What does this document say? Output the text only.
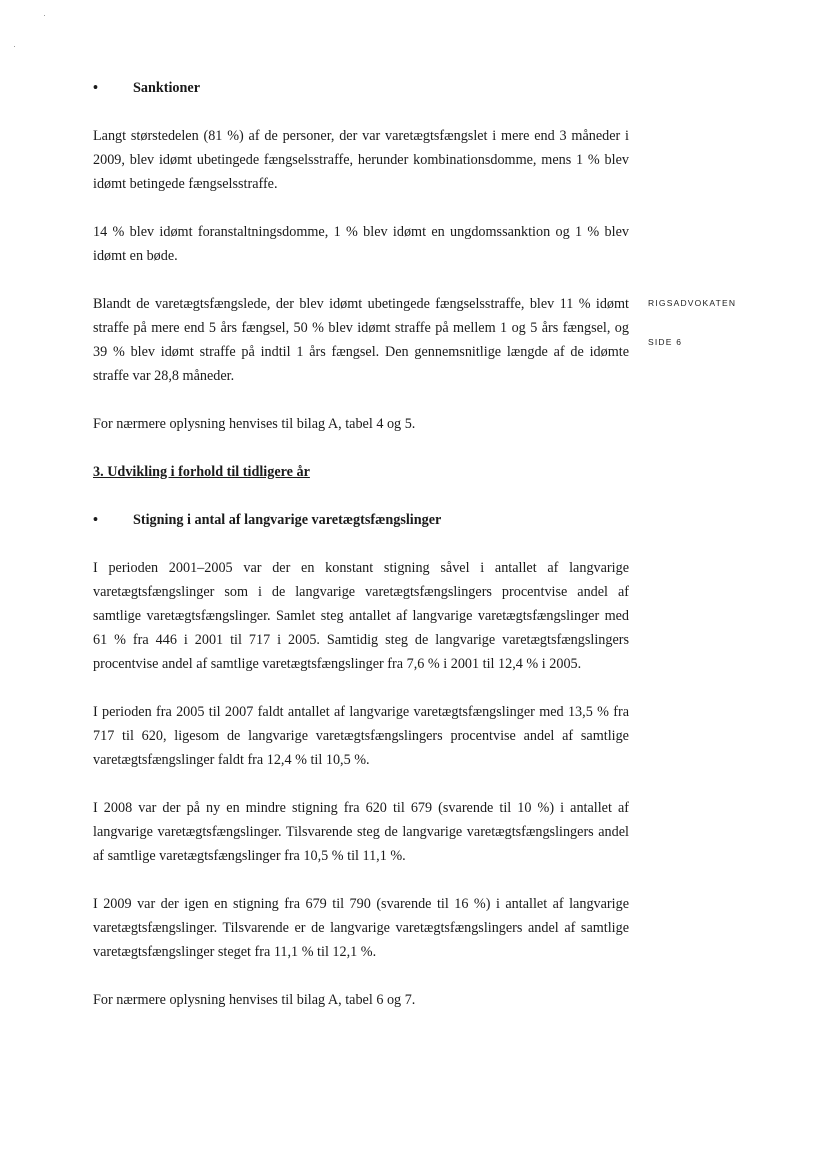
RIGSADVOKATEN
SIDE 6

• Sanktioner

Langt størstedelen (81 %) af de personer, der var varetægtsfængslet i mere end 3 måneder i 2009, blev idømt ubetingede fængselsstraffe, herunder kombinationsdomme, mens 1 % blev idømt betingede fængselsstraffe.

14 % blev idømt foranstaltningsdomme, 1 % blev idømt en ungdomssanktion og 1 % blev idømt en bøde.

Blandt de varetægtsfængslede, der blev idømt ubetingede fængselsstraffe, blev 11 % idømt straffe på mere end 5 års fængsel, 50 % blev idømt straffe på mellem 1 og 5 års fængsel, og 39 % blev idømt straffe på indtil 1 års fængsel. Den gennemsnitlige længde af de idømte straffe var 28,8 måneder.

For nærmere oplysning henvises til bilag A, tabel 4 og 5.

3. Udvikling i forhold til tidligere år

• Stigning i antal af langvarige varetægtsfængslinger

I perioden 2001–2005 var der en konstant stigning såvel i antallet af langvarige varetægtsfængslinger som i de langvarige varetægtsfængslingers procentvise andel af samtlige varetægtsfængslinger. Samlet steg antallet af langvarige varetægtsfængslinger med 61 % fra 446 i 2001 til 717 i 2005. Samtidig steg de langvarige varetægtsfængslingers procentvise andel af samtlige varetægtsfængslinger fra 7,6 % i 2001 til 12,4 % i 2005.

I perioden fra 2005 til 2007 faldt antallet af langvarige varetægtsfængslinger med 13,5 % fra 717 til 620, ligesom de langvarige varetægtsfængslingers procentvise andel af samtlige varetægtsfængslinger faldt fra 12,4 % til 10,5 %.

I 2008 var der på ny en mindre stigning fra 620 til 679 (svarende til 10 %) i antallet af langvarige varetægtsfængslinger. Tilsvarende steg de langvarige varetægtsfængslingers andel af samtlige varetægtsfængslinger fra 10,5 % til 11,1 %.

I 2009 var der igen en stigning fra 679 til 790 (svarende til 16 %) i antallet af langvarige varetægtsfængslinger. Tilsvarende er de langvarige varetægtsfængslingers andel af samtlige varetægtsfængslinger steget fra 11,1 % til 12,1 %.

For nærmere oplysning henvises til bilag A, tabel 6 og 7.
